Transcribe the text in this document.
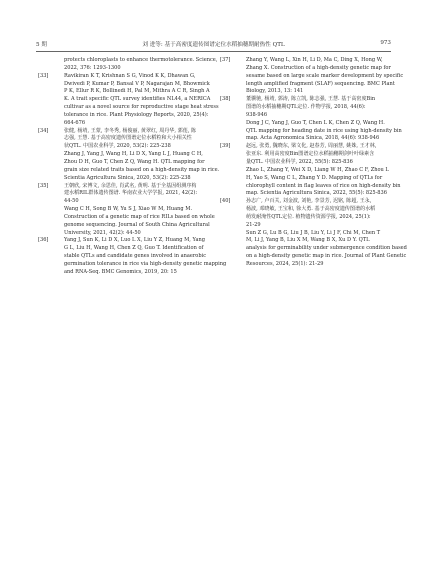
5 期	刘 进等: 基于高密度遗传图谱定位水稻抽穗期耐热性 QTL	973
protects chloroplasts to enhance thermotolerance. Science,
2022, 376: 1293-1300
[33]	Ravikiran K T, Krishnan S G, Vinod K K, Dhawan G,
Dwivedi P, Kumar P, Bansal V P, Nagarajan M, Bhowmick
P K, Ellur R K, Bollinedi H, Pal M, Mithra A C R, Singh A
K. A trait specific QTL survey identifies NL44, a NERICA
cultivar as a novel source for reproductive stage heat stress
tolerance in rice. Plant Physiology Reports, 2020, 25(4):
664-676
[34]	张健, 杨靖, 王蒙, 李冬秀, 杨俊丽, 黄翠红, 周丹华, 郭莲, 陈
志强, 王慧. 基于高密度遗传图谱定位水稻粒和大小相关性
状QTL. 中国农业科学, 2020, 53(2): 225-238
Zhang J, Yang J, Wang H, Li D X, Yang L J, Huang C H,
Zhou D H, Guo T, Chen Z Q, Wang H. QTL mapping for
grain size related traits based on a high-density map in rice.
Scientia Agricultura Sinica, 2020, 53(2): 225-238
[35]	王朝欣, 宋博文, 余思佳, 肖武名, 黄明. 基于全基因组测序构
建水稻RIL群体遗传图谱. 华南农业大学学报, 2021, 42(2):
44-50
Wang C H, Song B W, Yu S J, Xiao W M, Huang M.
Construction of a genetic map of rice RILs based on whole
genome sequencing. Journal of South China Agricultural
University, 2021, 42(2): 44-50
[36]	Yang J, Sun K, Li D X, Luo L X, Liu Y Z, Huang M, Yang
G L, Liu H, Wang H, Chen Z Q, Guo T. Identification of
stable QTLs and candidate genes involved in anaerobic
germination tolerance in rice via high-density genetic mapping
and RNA-Seq. BMC Genomics, 2019, 20: 15
[37]	Zhang Y, Wang L, Xin H, Li D, Ma C, Ding X, Hong W,
Zhang X. Construction of a high-density genetic map for
sesame based on large scale marker development by specific
length amplified fragment (SLAF) sequencing. BMC Plant
Biology, 2013, 13: 141
[38]	董骥驰, 杨靖, 郭涛, 陈立凯, 陈志强, 王慧. 基于高密度Bin
图谱的水稻抽穗期QTL定位. 作物学报, 2018, 44(6):
938-946
Dong J C, Yang J, Guo T, Chen L K, Chen Z Q, Wang H.
QTL mapping for heading date in rice using high-density bin
map. Acta Agronomica Sinica, 2018, 44(6): 938-946
[39]	赵远, 张勇, 魏晓东, 梁文化, 赵春芳, 周丽慧, 姚姝, 王才林,
张亚东. 利用高密度Bin图谱定位水稻抽穗期剑叶叶绿素含
量QTL. 中国农业科学, 2022, 55(5): 825-836
Zhao L, Zhang Y, Wei X D, Liang W H, Zhao C F, Zhou L
H, Yao S, Wang C L, Zhang Y D. Mapping of QTLs for
chlorophyll content in flag leaves of rice on high-density bin
map. Scientia Agricultura Sinica, 2022, 55(5): 825-836
[40]	孙志广, 卢百关, 刘金波, 刘艳, 李景芳, 迟铭, 陈超, 王永,
杨波, 邓晓敏, 王宝和, 徐大勇. 基于高密度遗传图谱的水稻
萌发耐淹性QTL定位. 植物遗传资源学报, 2024, 25(1):
21-29
Sun Z G, Lu B G, Liu J B, Liu Y, Li J F, Chi M, Chen T
M, Li J, Yang B, Liu X M, Wang B X, Xu D Y. QTL
analysis for germinability under submergence condition based
on a high-density genetic map in rice. Journal of Plant Genetic
Resources, 2024, 25(1): 21-29
